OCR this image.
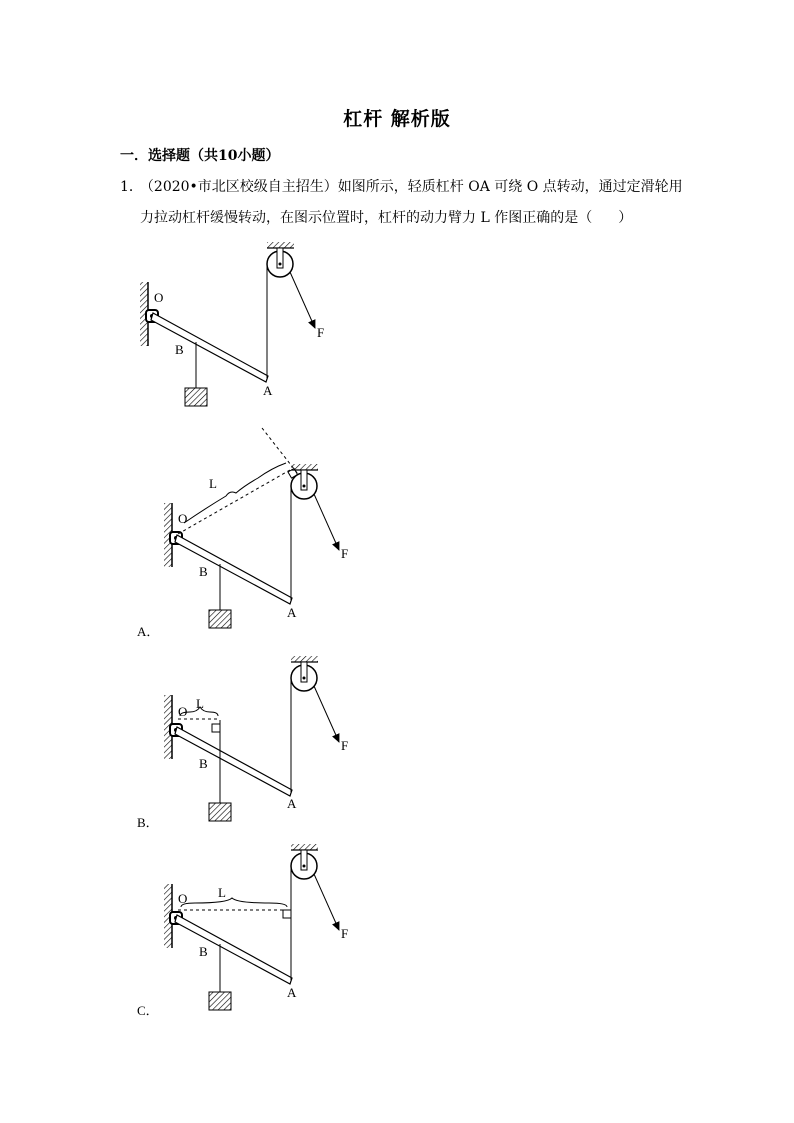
杠杆 解析版
一．选择题（共10小题）
1． （2020•市北区校级自主招生）如图所示，轻质杠杆 OA 可绕 O 点转动，通过定滑轮用
力拉动杠杆缓慢转动，在图示位置时，杠杆的动力臂力 L 作图正确的是（ ）
O
B
A
F
L
O
B
A
F
L
O
B
A
F
L
O
B
A
F
A．
B．
C．
